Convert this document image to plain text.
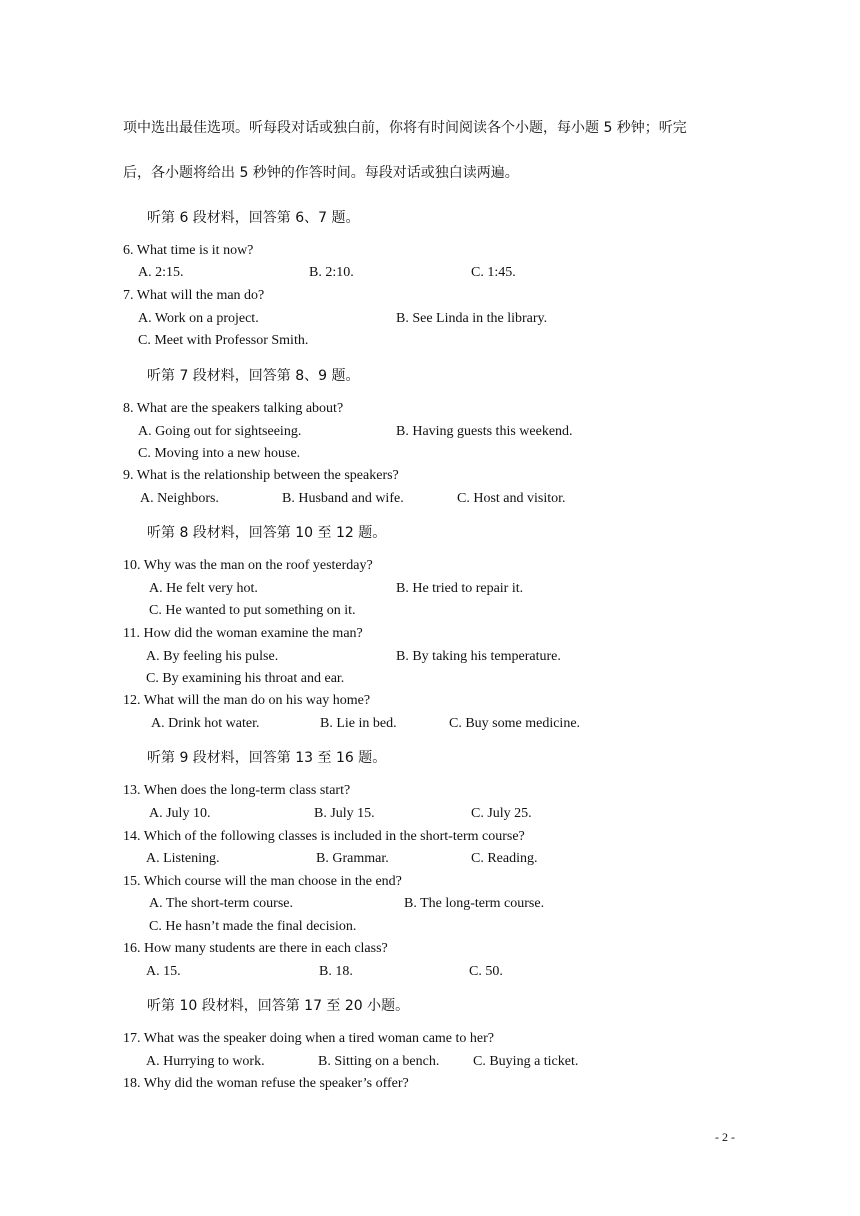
项中选出最佳选项。听每段对话或独白前，你将有时间阅读各个小题，每小题 5 秒钟；听完
后，各小题将给出 5 秒钟的作答时间。每段对话或独白读两遍。
听第 6 段材料，回答第 6、7 题。
6. What time is it now?
A. 2:15.	B. 2:10.	C. 1:45.
7. What will the man do?
A. Work on a project.	B. See Linda in the library.
C. Meet with Professor Smith.
听第 7 段材料，回答第 8、9 题。
8. What are the speakers talking about?
A. Going out for sightseeing.	B. Having guests this weekend.
C. Moving into a new house.
9. What is the relationship between the speakers?
A. Neighbors.	B. Husband and wife.	C. Host and visitor.
听第 8 段材料，回答第 10 至 12 题。
10. Why was the man on the roof yesterday?
A. He felt very hot.	B. He tried to repair it.
C. He wanted to put something on it.
11. How did the woman examine the man?
A. By feeling his pulse.	B. By taking his temperature.
C. By examining his throat and ear.
12. What will the man do on his way home?
A. Drink hot water.	B. Lie in bed.	C. Buy some medicine.
听第 9 段材料，回答第 13 至 16 题。
13. When does the long-term class start?
A. July 10.	B. July 15.	C. July 25.
14. Which of the following classes is included in the short-term course?
A. Listening.	B. Grammar.	C. Reading.
15. Which course will the man choose in the end?
A. The short-term course.	B. The long-term course.
C. He hasn’t made the final decision.
16. How many students are there in each class?
A. 15.	B. 18.	C. 50.
听第 10 段材料，回答第 17 至 20 小题。
17. What was the speaker doing when a tired woman came to her?
A. Hurrying to work.	B. Sitting on a bench. C. Buying a ticket.
18. Why did the woman refuse the speaker’s offer?
- 2 -
